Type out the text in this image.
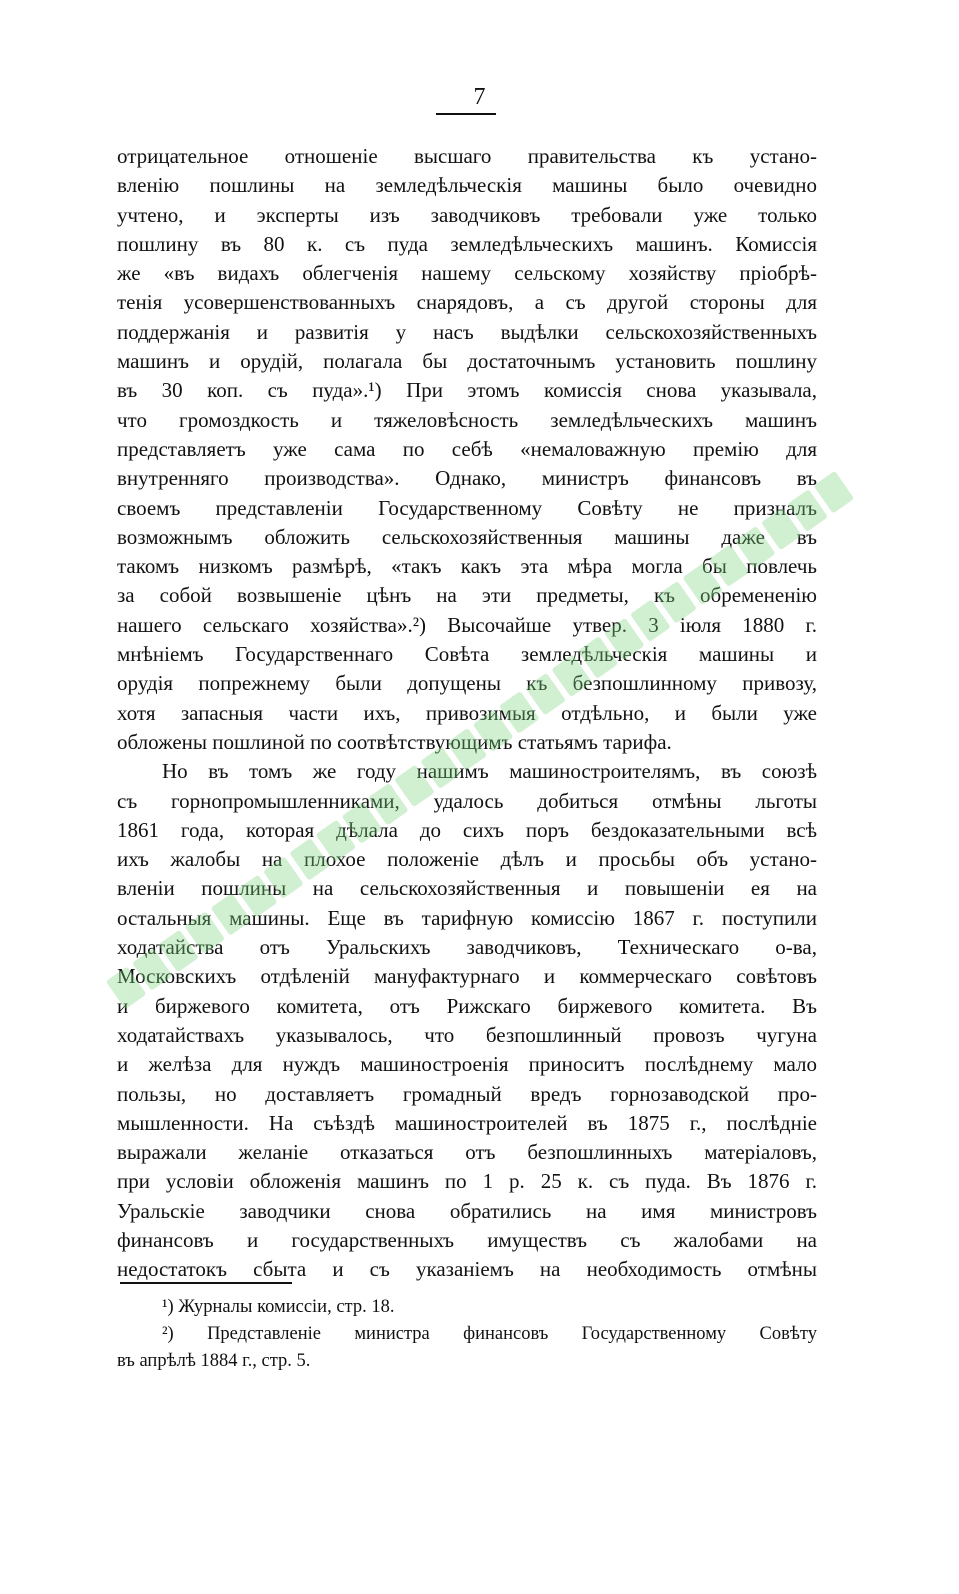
7
отрицательное отношеніе высшаго правительства къ устано-
вленію пошлины на земледѣльческія машины было очевидно
учтено, и эксперты изъ заводчиковъ требовали уже только
пошлину въ 80 к. съ пуда земледѣльческихъ машинъ. Комиссія
же «въ видахъ облегченія нашему сельскому хозяйству пріобрѣ-
тенія усовершенствованныхъ снарядовъ, а съ другой стороны для
поддержанія и развитія у насъ выдѣлки сельскохозяйственныхъ
машинъ и орудій, полагала бы достаточнымъ установить пошлину
въ 30 коп. съ пуда».¹) При этомъ комиссія снова указывала,
что громоздкость и тяжеловѣсность земледѣльческихъ машинъ
представляетъ уже сама по себѣ «немаловажную премію для
внутренняго производства». Однако, министръ финансовъ въ
своемъ представленіи Государственному Совѣту не призналъ
возможнымъ обложить сельскохозяйственныя машины даже въ
такомъ низкомъ размѣрѣ, «такъ какъ эта мѣра могла бы повлечь
за собой возвышеніе цѣнъ на эти предметы, къ обремененію
нашего сельскаго хозяйства».²) Высочайше утвер. 3 іюля 1880 г.
мнѣніемъ Государственнаго Совѣта земледѣльческія машины и
орудія попрежнему были допущены къ безпошлинному привозу,
хотя запасныя части ихъ, привозимыя отдѣльно, и были уже
обложены пошлиной по соотвѣтствующимъ статьямъ тарифа.
Но въ томъ же году нашимъ машиностроителямъ, въ союзѣ
съ горнопромышленниками, удалось добиться отмѣны льготы
1861 года, которая дѣлала до сихъ поръ бездоказательными всѣ
ихъ жалобы на плохое положеніе дѣлъ и просьбы объ устано-
вленіи пошлины на сельскохозяйственныя и повышеніи ея на
остальныя машины. Еще въ тарифную комиссію 1867 г. поступили
ходатайства отъ Уральскихъ заводчиковъ, Техническаго о-ва,
Московскихъ отдѣленій мануфактурнаго и коммерческаго совѣтовъ
и биржевого комитета, отъ Рижскаго биржевого комитета. Въ
ходатайствахъ указывалось, что безпошлинный провозъ чугуна
и желѣза для нуждъ машиностроенія приноситъ послѣднему мало
пользы, но доставляетъ громадный вредъ горнозаводской про-
мышленности. На съѣздѣ машиностроителей въ 1875 г., послѣдніе
выражали желаніе отказаться отъ безпошлинныхъ матеріаловъ,
при условіи обложенія машинъ по 1 р. 25 к. съ пуда. Въ 1876 г.
Уральскіе заводчики снова обратились на имя министровъ
финансовъ и государственныхъ имуществъ съ жалобами на
недостатокъ сбыта и съ указаніемъ на необходимость отмѣны
¹) Журналы комиссіи, стр. 18.
²) Представленіе министра финансовъ Государственному Совѣту
въ апрѣлѣ 1884 г., стр. 5.
